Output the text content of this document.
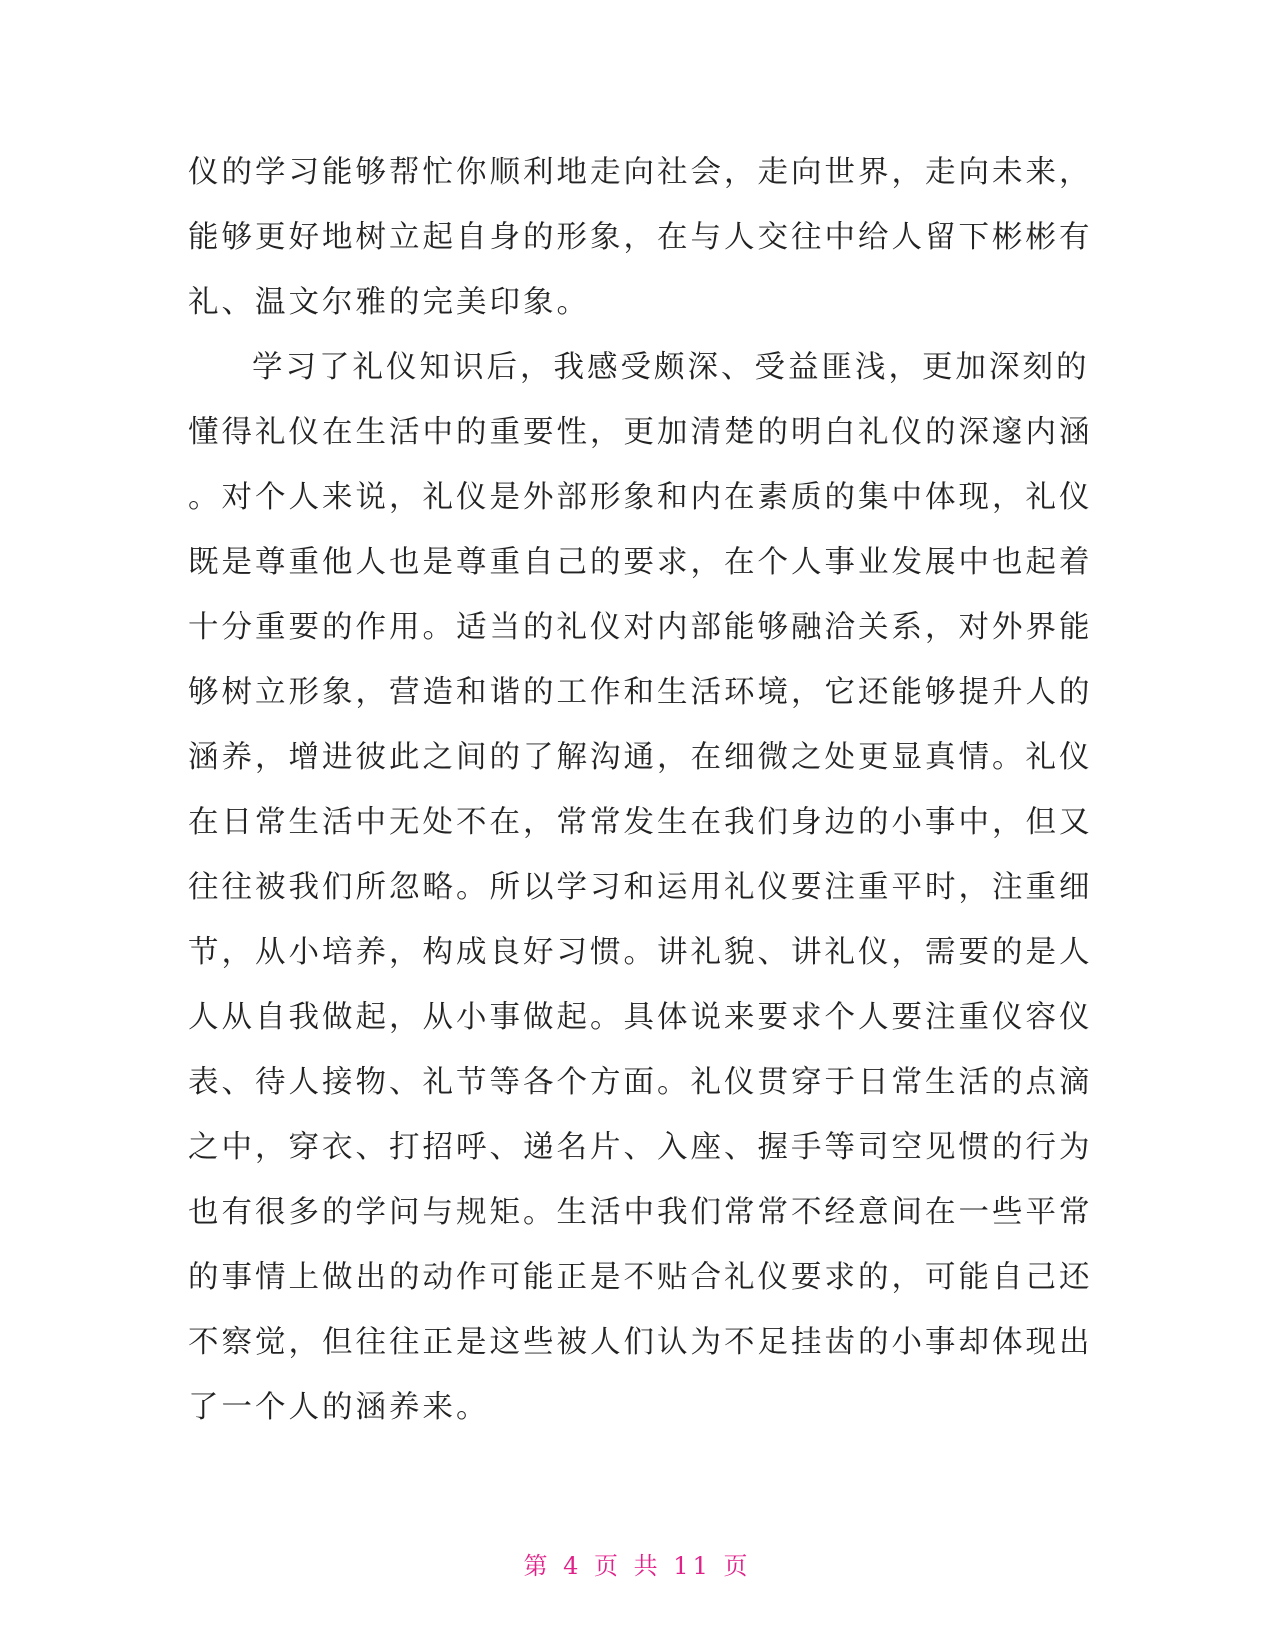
仪的学习能够帮忙你顺利地走向社会，走向世界，走向未来，
能够更好地树立起自身的形象，在与人交往中给人留下彬彬有
礼、温文尔雅的完美印象。
学习了礼仪知识后，我感受颇深、受益匪浅，更加深刻的
懂得礼仪在生活中的重要性，更加清楚的明白礼仪的深邃内涵
。对个人来说，礼仪是外部形象和内在素质的集中体现，礼仪
既是尊重他人也是尊重自己的要求，在个人事业发展中也起着
十分重要的作用。适当的礼仪对内部能够融洽关系，对外界能
够树立形象，营造和谐的工作和生活环境，它还能够提升人的
涵养，增进彼此之间的了解沟通，在细微之处更显真情。礼仪
在日常生活中无处不在，常常发生在我们身边的小事中，但又
往往被我们所忽略。所以学习和运用礼仪要注重平时，注重细
节，从小培养，构成良好习惯。讲礼貌、讲礼仪，需要的是人
人从自我做起，从小事做起。具体说来要求个人要注重仪容仪
表、待人接物、礼节等各个方面。礼仪贯穿于日常生活的点滴
之中，穿衣、打招呼、递名片、入座、握手等司空见惯的行为
也有很多的学问与规矩。生活中我们常常不经意间在一些平常
的事情上做出的动作可能正是不贴合礼仪要求的，可能自己还
不察觉，但往往正是这些被人们认为不足挂齿的小事却体现出
了一个人的涵养来。
第 4 页 共 11 页
